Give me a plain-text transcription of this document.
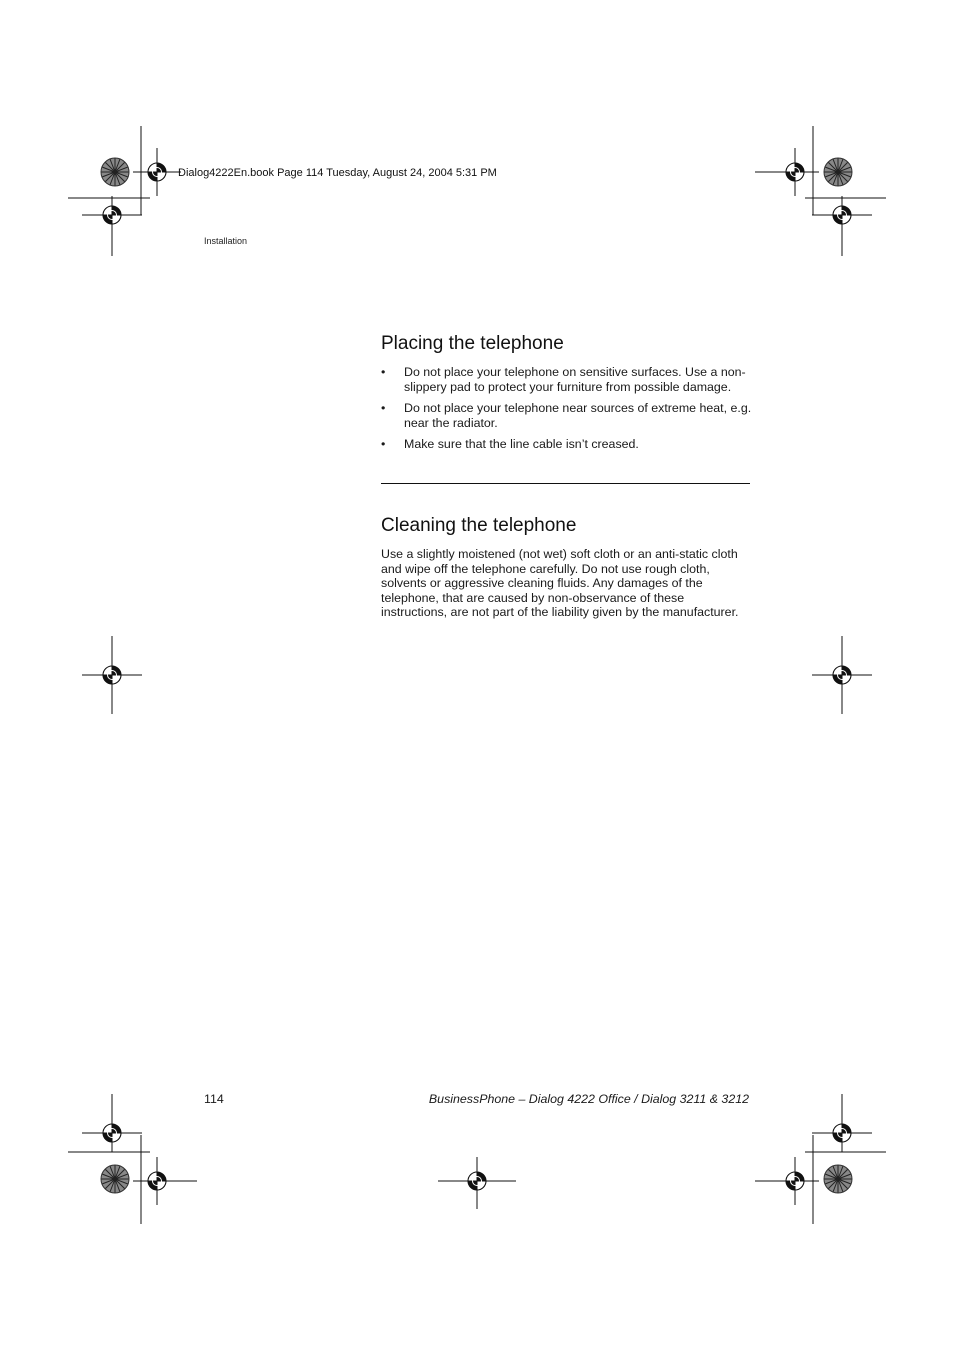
Dialog4222En.book Page 114 Tuesday, August 24, 2004 5:31 PM
Installation
Placing the telephone
• Do not place your telephone on sensitive surfaces. Use a non-slippery pad to protect your furniture from possible damage.
• Do not place your telephone near sources of extreme heat, e.g. near the radiator.
• Make sure that the line cable isn’t creased.
Cleaning the telephone

Use a slightly moistened (not wet) soft cloth or an anti-static cloth and wipe off the telephone carefully. Do not use rough cloth, solvents or aggressive cleaning fluids. Any damages of the telephone, that are caused by non-observance of these instructions, are not part of the liability given by the manufacturer.

114	BusinessPhone – Dialog 4222 Office / Dialog 3211 & 3212
